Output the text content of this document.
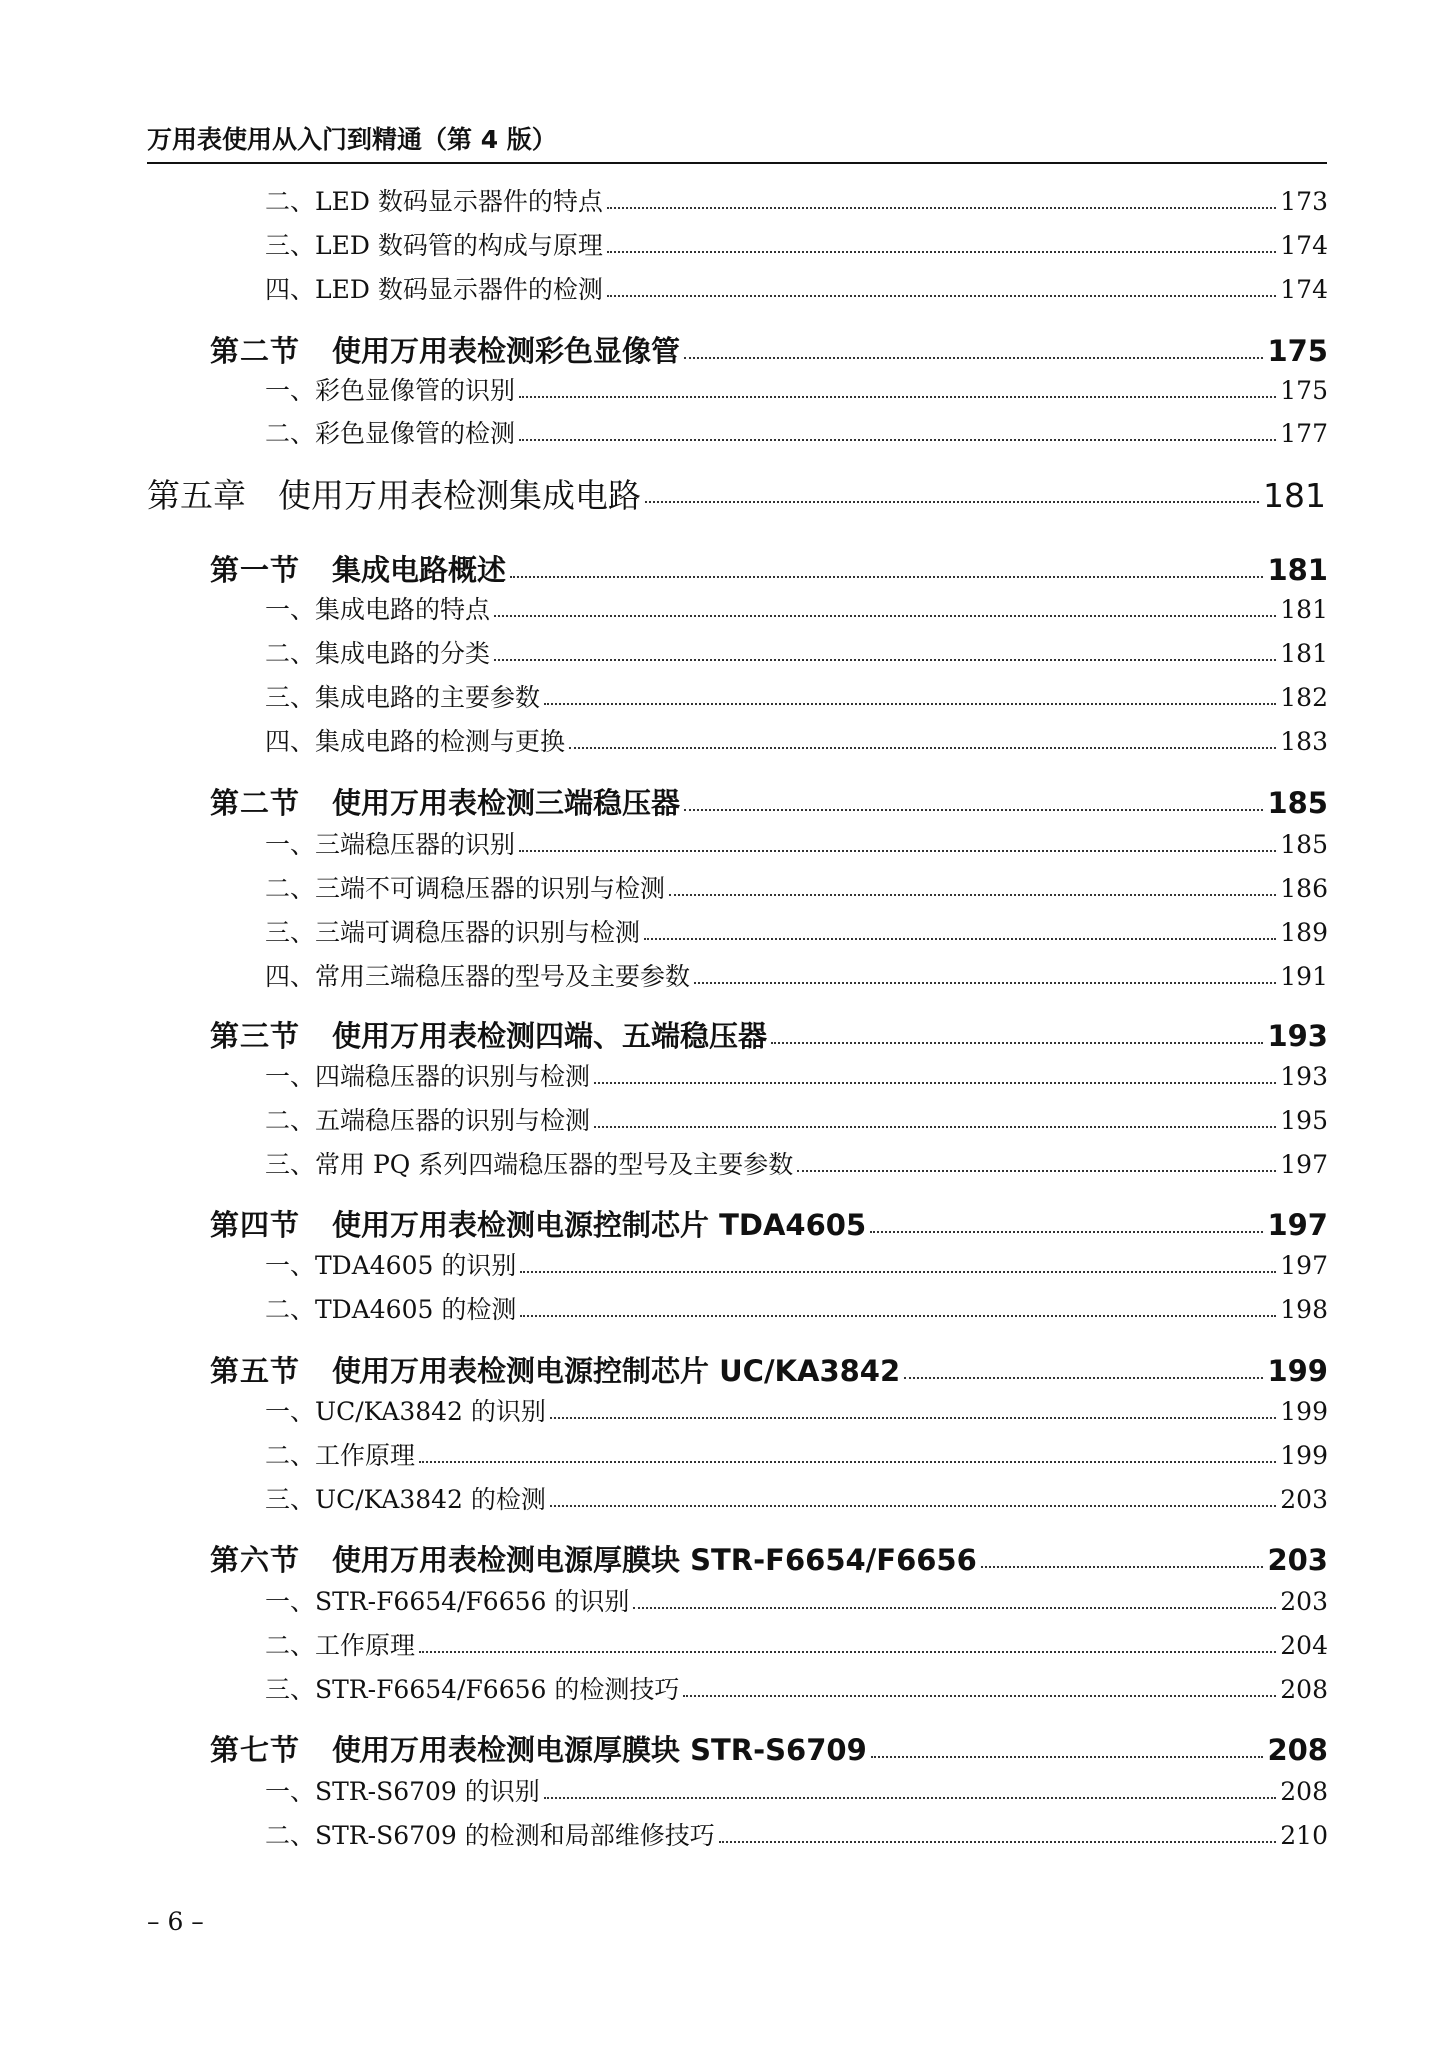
万用表使用从入门到精通（第 4 版）
二、LED 数码显示器件的特点	173
三、LED 数码管的构成与原理	174
四、LED 数码显示器件的检测	174
第二节 使用万用表检测彩色显像管	175
一、彩色显像管的识别	175
二、彩色显像管的检测	177
第五章 使用万用表检测集成电路	181
第一节 集成电路概述	181
一、集成电路的特点	181
二、集成电路的分类	181
三、集成电路的主要参数	182
四、集成电路的检测与更换	183
第二节 使用万用表检测三端稳压器	185
一、三端稳压器的识别	185
二、三端不可调稳压器的识别与检测	186
三、三端可调稳压器的识别与检测	189
四、常用三端稳压器的型号及主要参数	191
第三节 使用万用表检测四端、五端稳压器	193
一、四端稳压器的识别与检测	193
二、五端稳压器的识别与检测	195
三、常用 PQ 系列四端稳压器的型号及主要参数	197
第四节 使用万用表检测电源控制芯片 TDA4605	197
一、TDA4605 的识别	197
二、TDA4605 的检测	198
第五节 使用万用表检测电源控制芯片 UC/KA3842	199
一、UC/KA3842 的识别	199
二、工作原理	199
三、UC/KA3842 的检测	203
第六节 使用万用表检测电源厚膜块 STR-F6654/F6656	203
一、STR-F6654/F6656 的识别	203
二、工作原理	204
三、STR-F6654/F6656 的检测技巧	208
第七节 使用万用表检测电源厚膜块 STR-S6709	208
一、STR-S6709 的识别	208
二、STR-S6709 的检测和局部维修技巧	210
– 6 –
